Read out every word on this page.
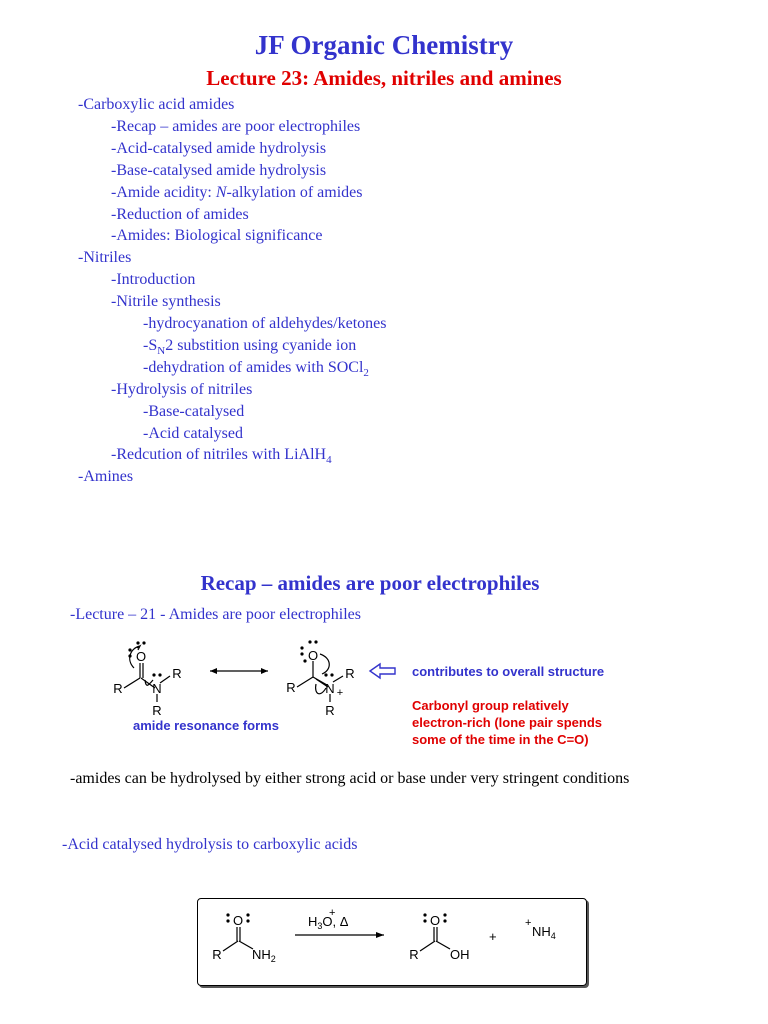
JF Organic Chemistry
Lecture 23: Amides, nitriles and amines
-Carboxylic acid amides
-Recap – amides are poor electrophiles
-Acid-catalysed amide hydrolysis
-Base-catalysed amide hydrolysis
-Amide acidity: N-alkylation of amides
-Reduction of amides
-Amides: Biological significance
-Nitriles
-Introduction
-Nitrile synthesis
-hydrocyanation of aldehydes/ketones
$-S_N2$ substition using cyanide ion
-dehydration of amides with SOCl$_2$
-Hydrolysis of nitriles
-Base-catalysed
-Acid catalysed
-Redcution of nitriles with LiAlH$_4$
-Amines
Recap – amides are poor electrophiles
-Lecture – 21 - Amides are poor electrophiles
O
N
R
R
R
O
N +
R
R
R
contributes to overall structure
Carbonyl group relatively
electron-rich (lone pair spends
some of the time in the C=O)
amide resonance forms
-amides can be hydrolysed by either strong acid or base under very stringent conditions
-Acid catalysed hydrolysis to carboxylic acids
O
R $NH_2$
$H_3O$, Δ
+	O
R OH
+
+
$NH_4$
